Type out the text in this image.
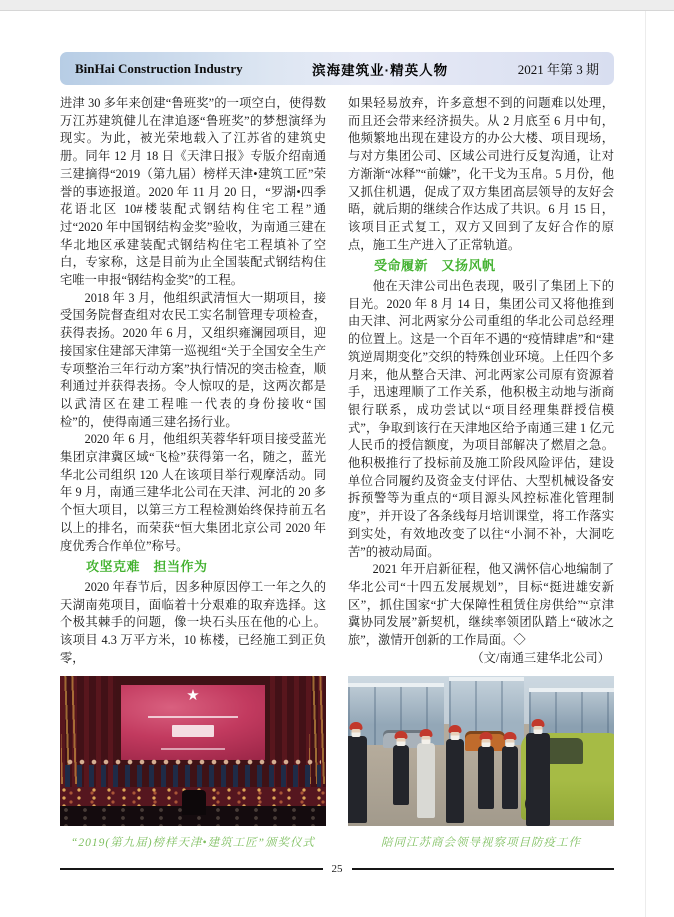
BinHai Construction Industry	滨海建筑业·精英人物	2021 年第 3 期

进津 30 多年来创建“鲁班奖”的一项空白，使得数万江苏建筑健儿在津追逐“鲁班奖”的梦想演绎为现实。为此，被光荣地载入了江苏省的建筑史册。同年 12 月 18 日《天津日报》专版介绍南通三建摘得“2019（第九届）榜样天津•建筑工匠”荣誉的事迹报道。2020 年 11 月 20 日，“罗湖•四季花语北区 10#楼装配式钢结构住宅工程”通过“2020 年中国钢结构金奖”验收，为南通三建在华北地区承建装配式钢结构住宅工程填补了空白，专家称，这是目前为止全国装配式钢结构住宅唯一申报“钢结构金奖”的工程。

2018 年 3 月，他组织武清恒大一期项目，接受国务院督查组对农民工实名制管理专项检查，获得表扬。2020 年 6 月，又组织雍澜园项目，迎接国家住建部天津第一巡视组“关于全国安全生产专项整治三年行动方案”执行情况的突击检查，顺利通过并获得表扬。令人惊叹的是，这两次都是以武清区在建工程唯一代表的身份接收“国检”的，使得南通三建名扬行业。

2020 年 6 月，他组织芙蓉华轩项目接受蓝光集团京津冀区域“飞检”获得第一名，随之，蓝光华北公司组织 120 人在该项目举行观摩活动。同年 9 月，南通三建华北公司在天津、河北的 20 多个恒大项目，以第三方工程检测始终保持前五名以上的排名，而荣获“恒大集团北京公司 2020 年度优秀合作单位”称号。

攻坚克难　担当作为

2020 年春节后，因多种原因停工一年之久的天湖南苑项目，面临着十分艰难的取弃选择。这个极其棘手的问题，像一块石头压在他的心上。该项目 4.3 万平方米，10 栋楼，已经施工到正负零，

如果轻易放弃，许多意想不到的问题难以处理，而且还会带来经济损失。从 2 月底至 6 月中旬，他频繁地出现在建设方的办公大楼、项目现场，与对方集团公司、区域公司进行反复沟通，让对方渐渐“冰释”“前嫌”，化干戈为玉帛。5 月份，他又抓住机遇，促成了双方集团高层领导的友好会晤，就后期的继续合作达成了共识。6 月 15 日，该项目正式复工，双方又回到了友好合作的原点，施工生产进入了正常轨道。

受命履新　又扬风帆

他在天津公司出色表现，吸引了集团上下的目光。2020 年 8 月 14 日，集团公司又将他推到由天津、河北两家分公司重组的华北公司总经理的位置上。这是一个百年不遇的“疫情肆虐”和“建筑逆周期变化”交织的特殊创业环境。上任四个多月来，他从整合天津、河北两家公司原有资源着手，迅速理顺了工作关系，他积极主动地与浙商银行联系，成功尝试以“项目经理集群授信模式”，争取到该行在天津地区给予南通三建 1 亿元人民币的授信额度，为项目部解决了燃眉之急。他积极推行了投标前及施工阶段风险评估，建设单位合同履约及资金支付评估、大型机械设备安拆预警等为重点的“项目源头风控标准化管理制度”，并开设了各条线每月培训课堂，将工作落实到实处，有效地改变了以往“小洞不补，大洞吃苦”的被动局面。

2021 年开启新征程，他又满怀信心地编制了华北公司“十四五发展规划”，目标“挺进雄安新区”，抓住国家“扩大保障性租赁住房供给”“京津冀协同发展”新契机，继续率领团队踏上“破冰之旅”，激情开创新的工作局面。◇

（文/南通三建华北公司）

★
“2019(第九届)榜样天津•建筑工匠”颁奖仪式	陪同江苏商会领导视察项目防疫工作
25
